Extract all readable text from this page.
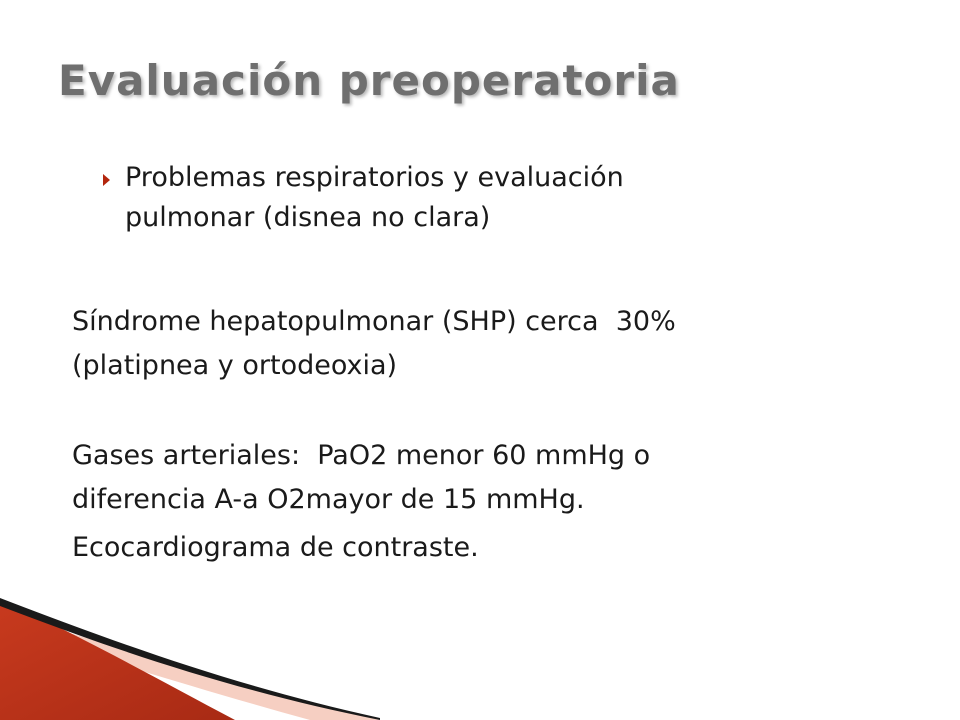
Evaluación preoperatoria
Problemas respiratorios y evaluación
pulmonar (disnea no clara)

Síndrome hepatopulmonar (SHP) cerca  30%
(platipnea y ortodeoxia)

Gases arteriales:  PaO2 menor 60 mmHg o
diferencia A-a O2mayor de 15 mmHg.

Ecocardiograma de contraste.
